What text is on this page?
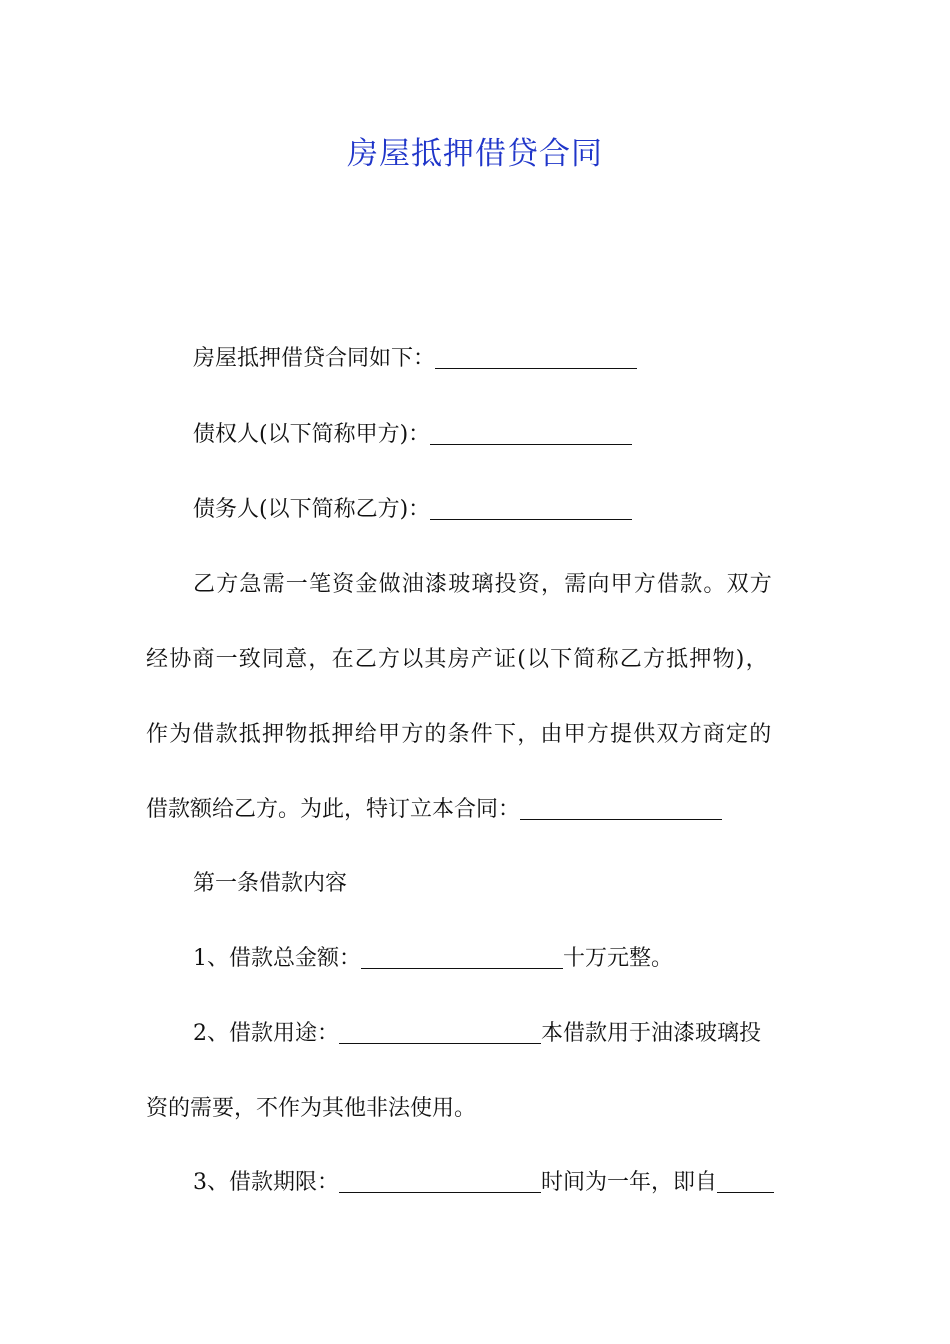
房屋抵押借贷合同

房屋抵押借贷合同如下：

债权人(以下简称甲方)：

债务人(以下简称乙方)：

乙方急需一笔资金做油漆玻璃投资，需向甲方借款。双方

经协商一致同意，在乙方以其房产证(以下简称乙方抵押物)，

作为借款抵押物抵押给甲方的条件下，由甲方提供双方商定的

借款额给乙方。为此，特订立本合同：

第一条借款内容

1、借款总金额：	十万元整。

2、借款用途：	本借款用于油漆玻璃投

资的需要，不作为其他非法使用。

3、借款期限：	时间为一年，即自
